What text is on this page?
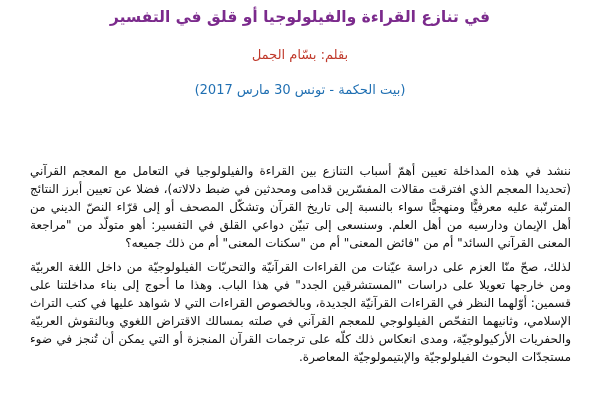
في تنازع القراءة والفيلولوجيا أو قلق في التفسير
بقلم: بسّام الجمل
(بيت الحكمة - تونس 30 مارس 2017)

ننشد في هذه المداخلة تعيين أهمّ أسباب التنازع بين القراءة والفيلولوجيا في التعامل مع المعجم القرآني (تحديدا المعجم الذي افترقت مقالات المفسّرين قدامى ومحدثين في ضبط دلالاته)، فضلا عن تعيين أبرز النتائج المترتّبة عليه معرفيًّا ومنهجيًّا سواء بالنسبة إلى تاريخ القرآن وتشكّل المصحف أو إلى قرّاء النصّ الديني من أهل الإيمان ودارسيه من أهل العلم. وسنسعى إلى تبيّن دواعي القلق في التفسير: أهو متولّد من "مراجعة المعنى القرآني السائد" أم من "فائض المعنى" أم من "سكنات المعنى" أم من ذلك جميعه؟

لذلك، صحّ منّا العزم على دراسة عيّنات من القراءات القرآنيّة والتحريّات الفيلولوجيّة من داخل اللغة العربيّة ومن خارجها تعويلا على دراسات "المستشرقين الجدد" في هذا الباب. وهذا ما أحوج إلى بناء مداخلتنا على قسمين: أوّلهما النظر في القراءات القرآنيّة الجديدة، وبالخصوص القراءات التي لا شواهد عليها في كتب التراث الإسلامي، وثانيهما التفحّص الفيلولوجي للمعجم القرآني في صلته بمسالك الاقتراض اللغوي وبالنقوش العربيّة والحفريات الأركيولوجيّة، ومدى انعكاس ذلك كلّه على ترجمات القرآن المنجزة أو التي يمكن أن تُنجز في ضوء مستجدّات البحوث الفيلولوجيّة والإبتيمولوجيّة المعاصرة.
